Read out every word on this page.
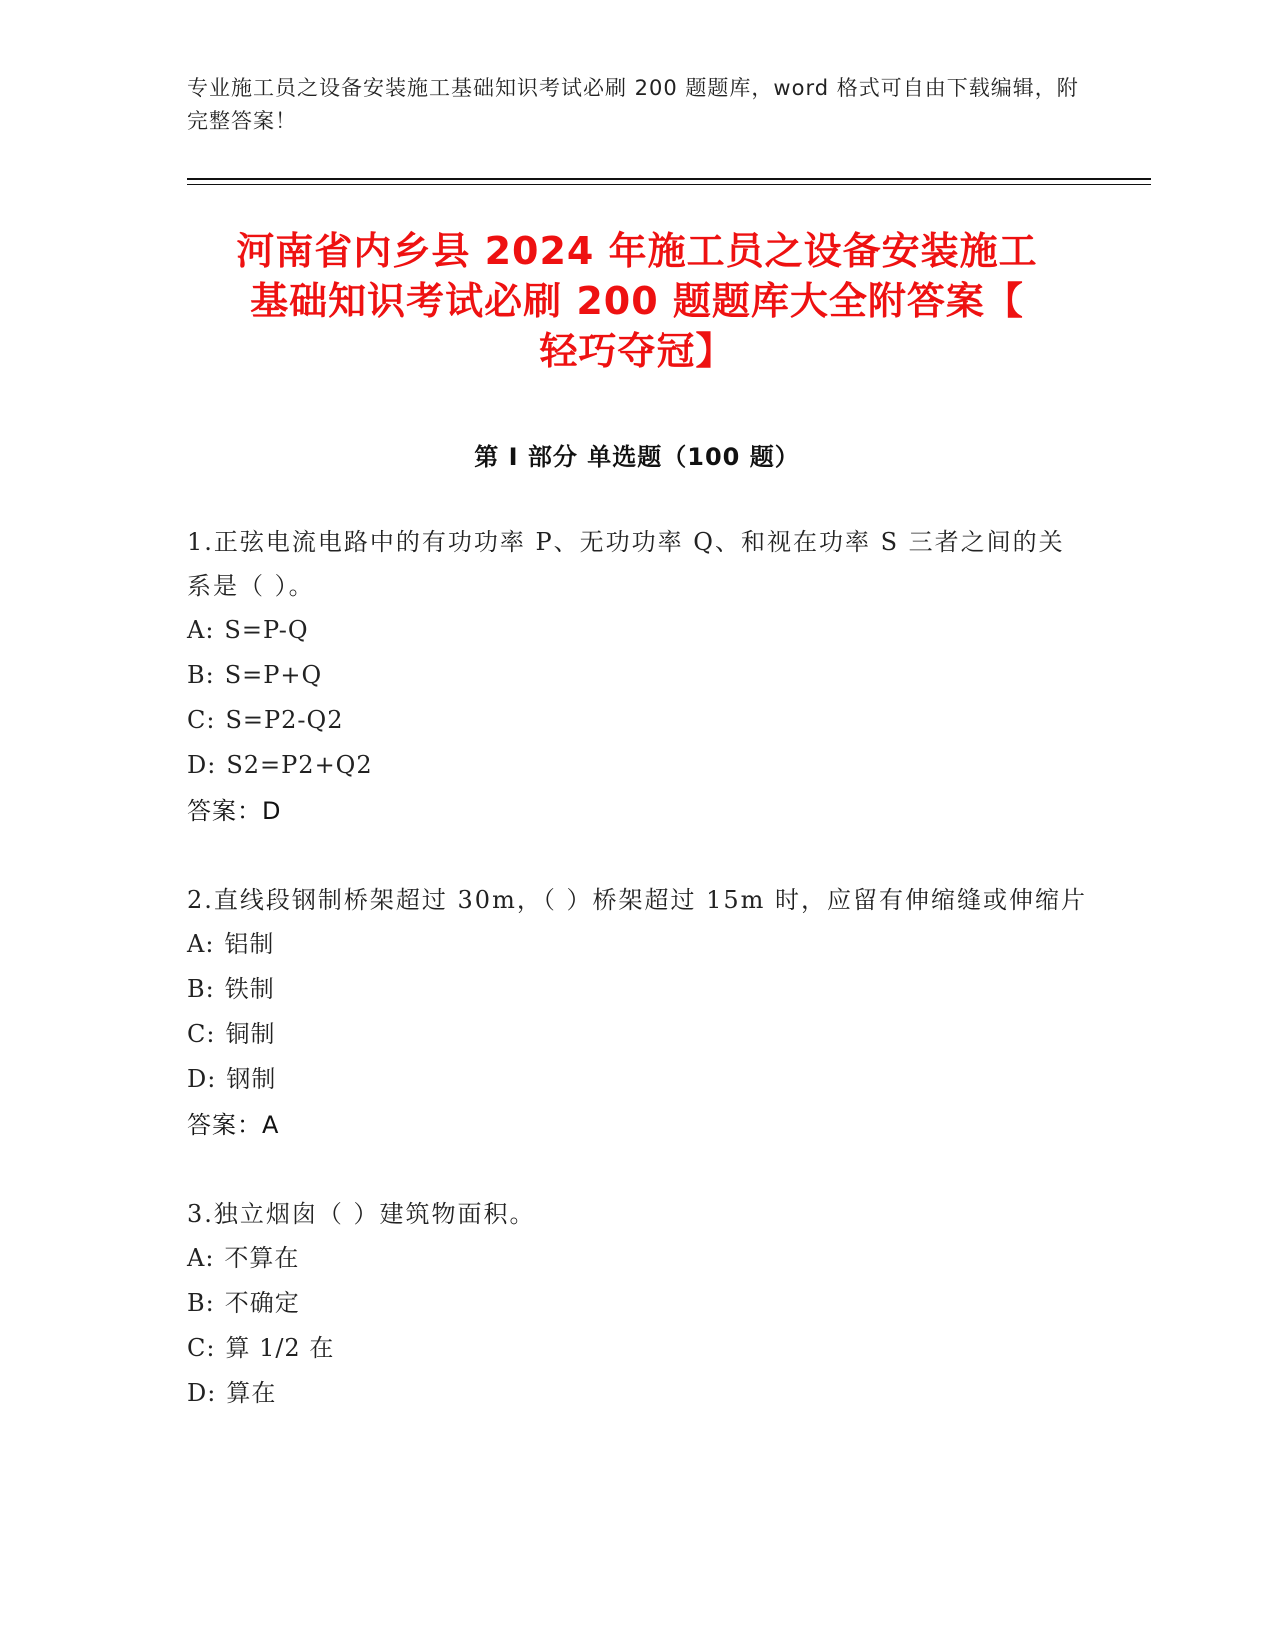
专业施工员之设备安装施工基础知识考试必刷 200 题题库，word 格式可自由下载编辑，附完整答案！
河南省内乡县 2024 年施工员之设备安装施工
基础知识考试必刷 200 题题库大全附答案【
轻巧夺冠】
第 I 部分 单选题（100 题）
1.正弦电流电路中的有功功率 P、无功功率 Q、和视在功率 S 三者之间的关系是（ ）。
A: S=P-Q
B: S=P+Q
C: S=P2-Q2
D: S2=P2+Q2
答案：D
2.直线段钢制桥架超过 30m，（ ）桥架超过 15m 时，应留有伸缩缝或伸缩片
A: 铝制
B: 铁制
C: 铜制
D: 钢制
答案：A
3.独立烟囱（ ）建筑物面积。
A: 不算在
B: 不确定
C: 算 1/2 在
D: 算在
